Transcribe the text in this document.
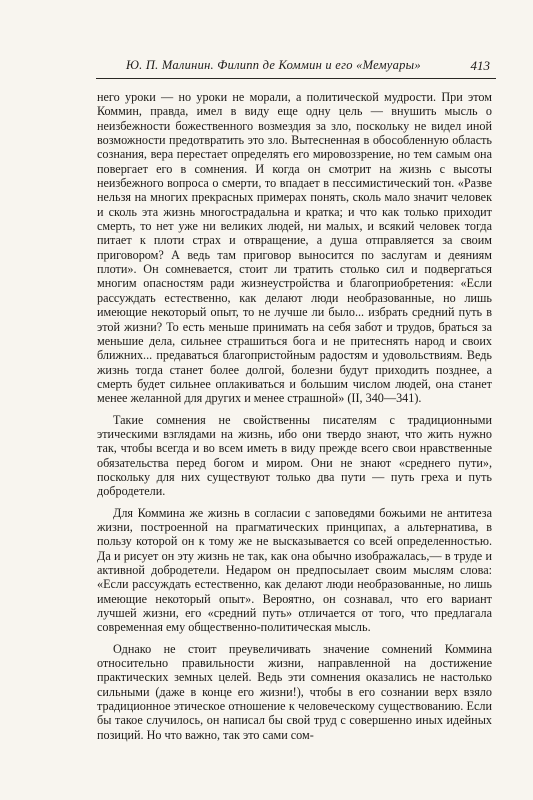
Ю. П. Малинин. Филипп де Коммин и его «Мемуары»	413

него уроки — но уроки не морали, а политической мудрости. При этом Коммин, правда, имел в виду еще одну цель — внушить мысль о неизбежности божественного возмездия за зло, поскольку не видел иной возможности предотвратить это зло. Вытесненная в обособленную область сознания, вера перестает определять его мировоззрение, но тем самым она повергает его в сомнения. И когда он смотрит на жизнь с высоты неизбежного вопроса о смерти, то впадает в пессимистический тон. «Разве нельзя на многих прекрасных примерах понять, сколь мало значит человек и сколь эта жизнь многострадальна и кратка; и что как только приходит смерть, то нет уже ни великих людей, ни малых, и всякий человек тогда питает к плоти страх и отвращение, а душа отправляется за своим приговором? А ведь там приговор выносится по заслугам и деяниям плоти». Он сомневается, стоит ли тратить столько сил и подвергаться многим опасностям ради жизнеустройства и благоприобретения: «Если рассуждать естественно, как делают люди необразованные, но лишь имеющие некоторый опыт, то не лучше ли было... избрать средний путь в этой жизни? То есть меньше принимать на себя забот и трудов, браться за меньшие дела, сильнее страшиться бога и не притеснять народ и своих ближних... предаваться благопристойным радостям и удовольствиям. Ведь жизнь тогда станет более долгой, болезни будут приходить позднее, а смерть будет сильнее оплакиваться и большим числом людей, она станет менее желанной для других и менее страшной» (II, 340—341).

Такие сомнения не свойственны писателям с традиционными этическими взглядами на жизнь, ибо они твердо знают, что жить нужно так, чтобы всегда и во всем иметь в виду прежде всего свои нравственные обязательства перед богом и миром. Они не знают «среднего пути», поскольку для них существуют только два пути — путь греха и путь добродетели.

Для Коммина же жизнь в согласии с заповедями божьими не антитеза жизни, построенной на прагматических принципах, а альтернатива, в пользу которой он к тому же не высказывается со всей определенностью. Да и рисует он эту жизнь не так, как она обычно изображалась,— в труде и активной добродетели. Недаром он предпосылает своим мыслям слова: «Если рассуждать естественно, как делают люди необразованные, но лишь имеющие некоторый опыт». Вероятно, он сознавал, что его вариант лучшей жизни, его «средний путь» отличается от того, что предлагала современная ему общественно-политическая мысль.

Однако не стоит преувеличивать значение сомнений Коммина относительно правильности жизни, направленной на достижение практических земных целей. Ведь эти сомнения оказались не настолько сильными (даже в конце его жизни!), чтобы в его сознании верх взяло традиционное этическое отношение к человеческому существованию. Если бы такое случилось, он написал бы свой труд с совершенно иных идейных позиций. Но что важно, так это сами сом-
